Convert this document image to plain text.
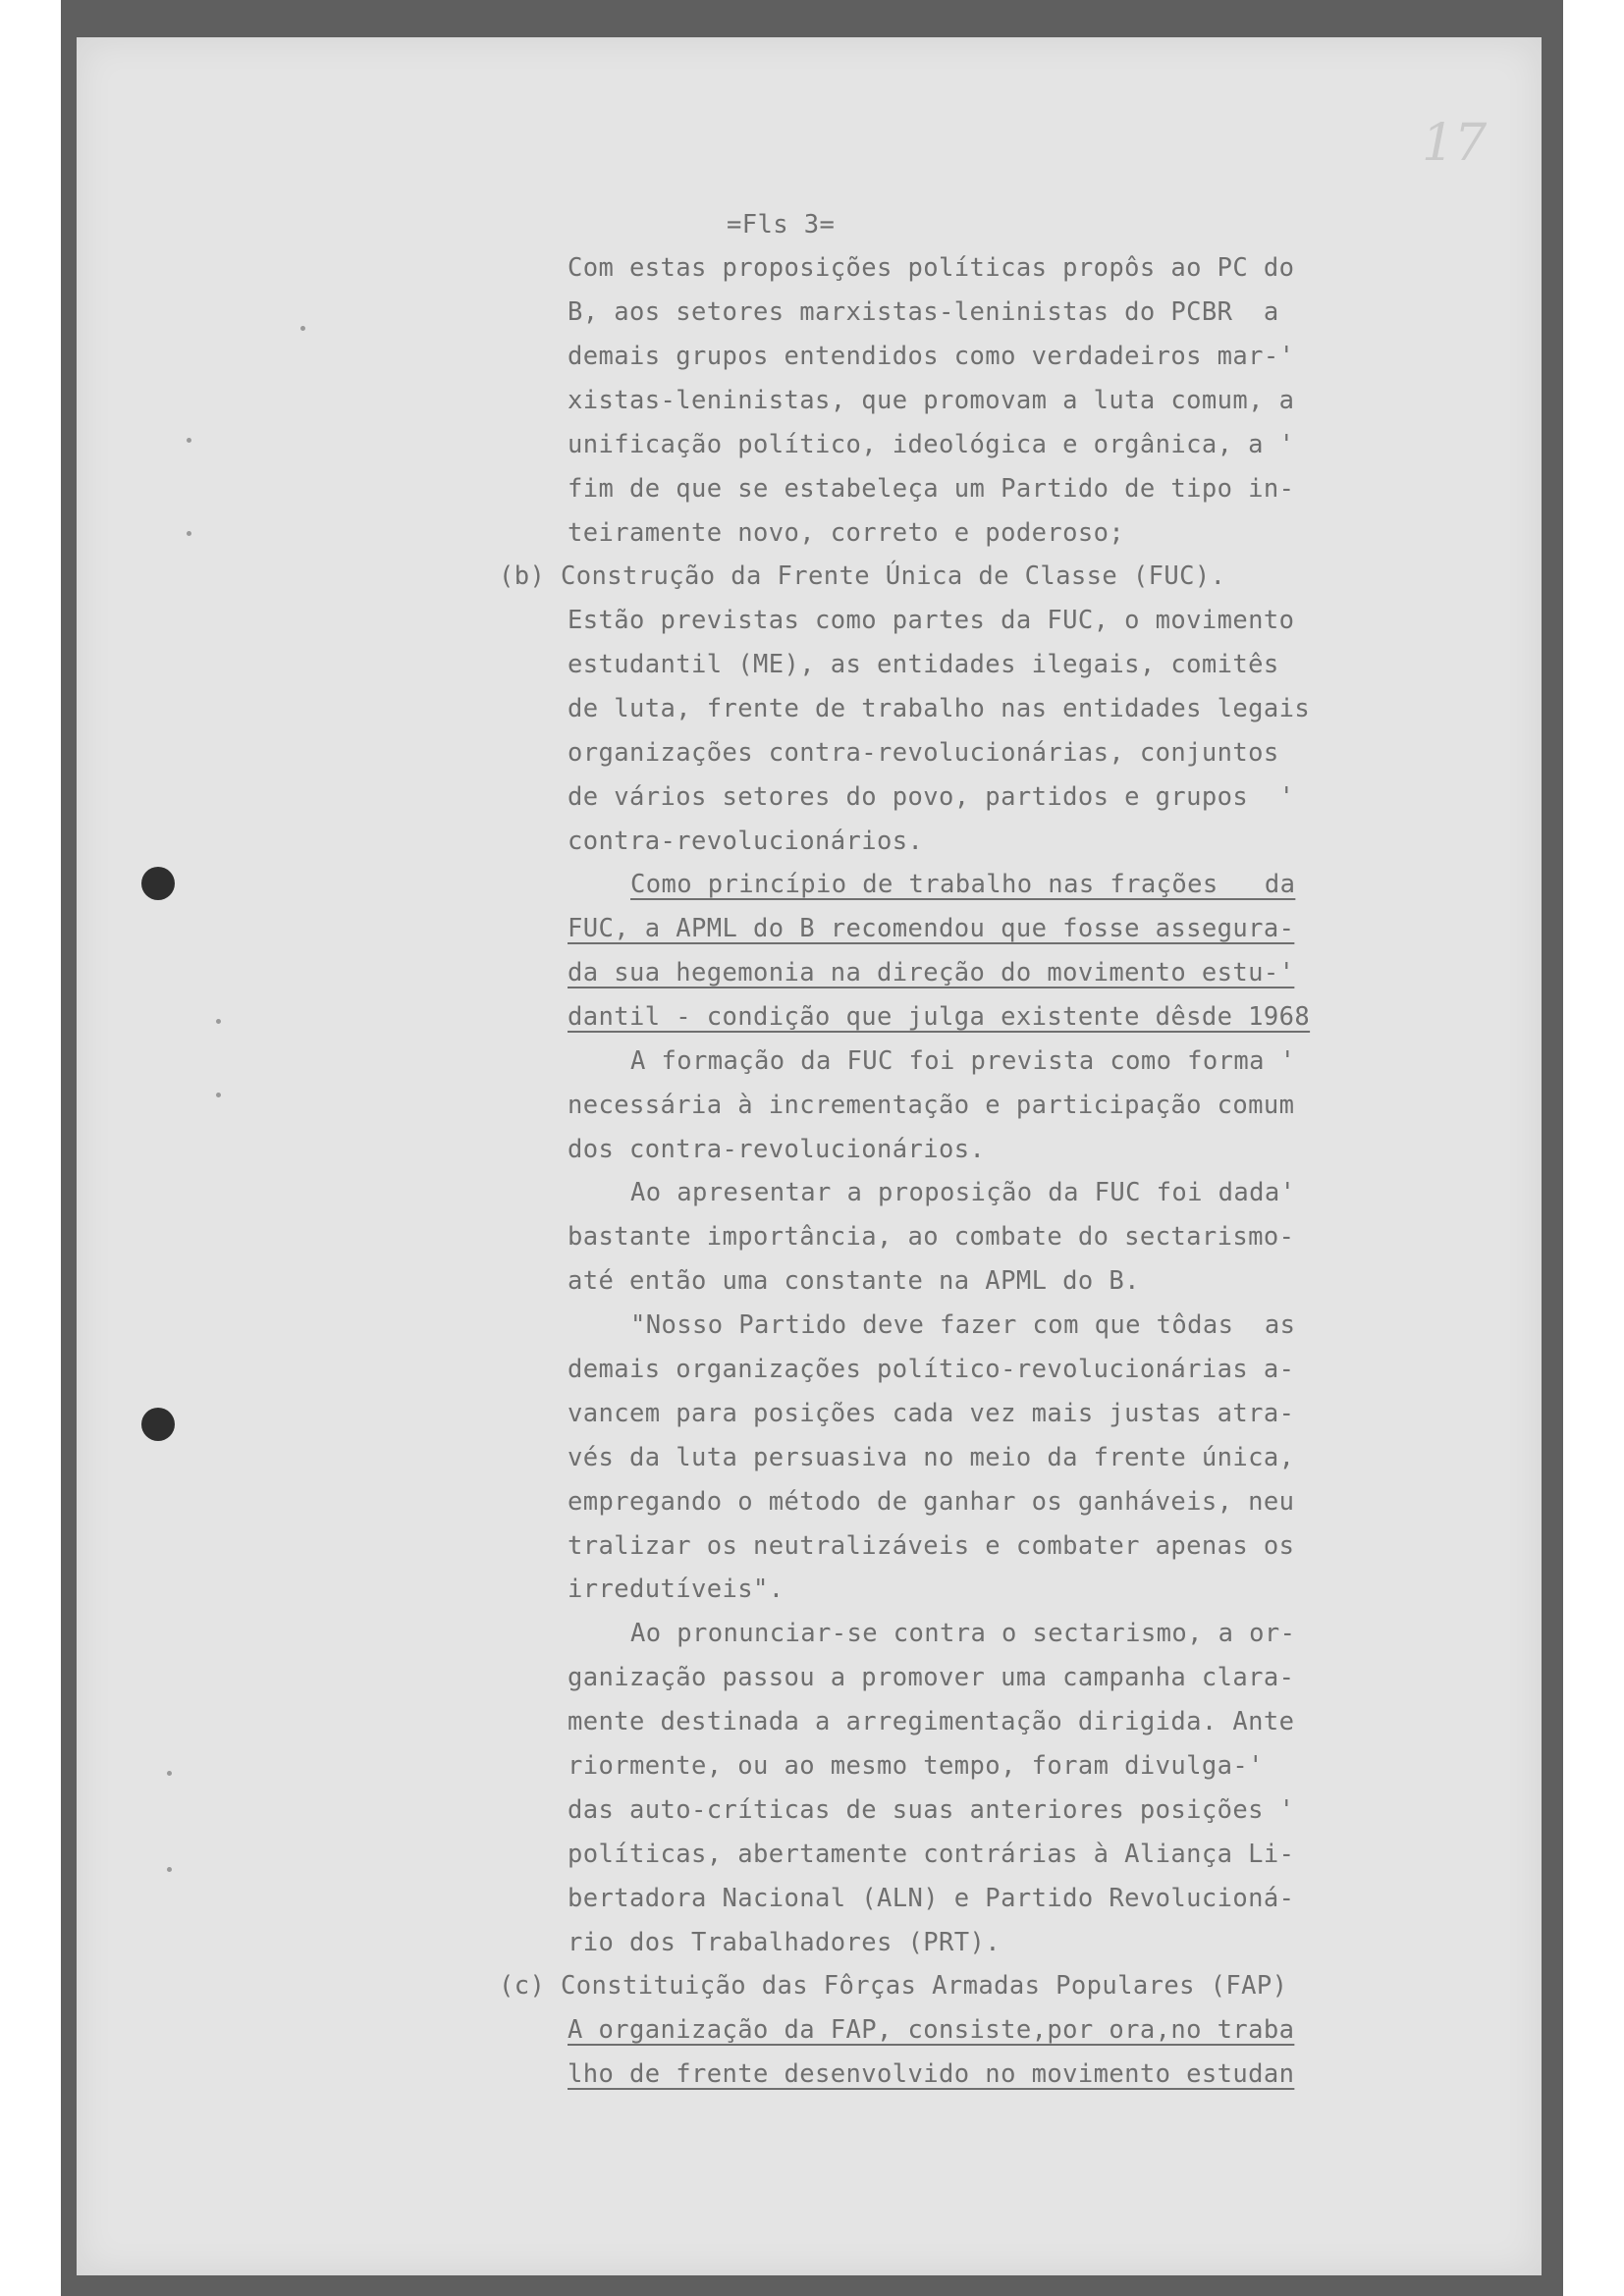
17

=Fls 3=

Com estas proposições políticas propôs ao PC do

B, aos setores marxistas-leninistas do PCBR  a

demais grupos entendidos como verdadeiros mar-'

xistas-leninistas, que promovam a luta comum, a

unificação político, ideológica e orgânica, a '

fim de que se estabeleça um Partido de tipo in-

teiramente novo, correto e poderoso;

(b) Construção da Frente Única de Classe (FUC).

Estão previstas como partes da FUC, o movimento

estudantil (ME), as entidades ilegais, comitês

de luta, frente de trabalho nas entidades legais

organizações contra-revolucionárias, conjuntos

de vários setores do povo, partidos e grupos  '

contra-revolucionários.

Como princípio de trabalho nas frações   da

FUC, a APML do B recomendou que fosse assegura-

da sua hegemonia na direção do movimento estu-'

dantil - condição que julga existente dêsde 1968

A formação da FUC foi prevista como forma '

necessária à incrementação e participação comum

dos contra-revolucionários.

Ao apresentar a proposição da FUC foi dada'

bastante importância, ao combate do sectarismo-

até então uma constante na APML do B.

"Nosso Partido deve fazer com que tôdas  as

demais organizações político-revolucionárias a-

vancem para posições cada vez mais justas atra-

vés da luta persuasiva no meio da frente única,

empregando o método de ganhar os ganháveis, neu

tralizar os neutralizáveis e combater apenas os

irredutíveis".

Ao pronunciar-se contra o sectarismo, a or-

ganização passou a promover uma campanha clara-

mente destinada a arregimentação dirigida. Ante

riormente, ou ao mesmo tempo, foram divulga-'

das auto-críticas de suas anteriores posições '

políticas, abertamente contrárias à Aliança Li-

bertadora Nacional (ALN) e Partido Revolucioná-

rio dos Trabalhadores (PRT).

(c) Constituição das Fôrças Armadas Populares (FAP)

A organização da FAP, consiste,por ora,no traba

lho de frente desenvolvido no movimento estudan
